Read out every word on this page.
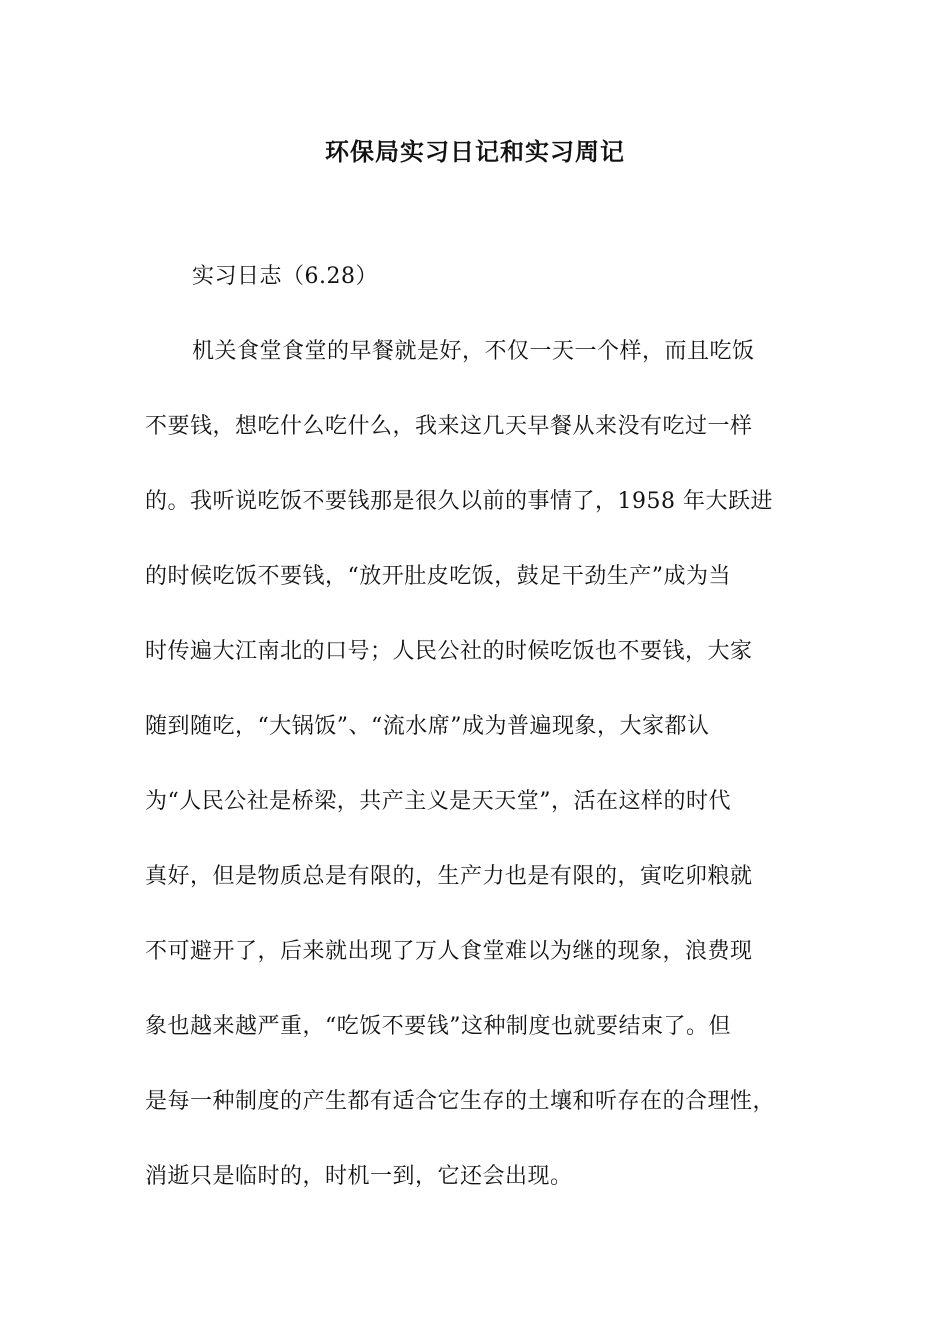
环保局实习日记和实习周记
实习日志（6.28）
机关食堂食堂的早餐就是好，不仅一天一个样，而且吃饭
不要钱，想吃什么吃什么，我来这几天早餐从来没有吃过一样
的。我听说吃饭不要钱那是很久以前的事情了，1958 年大跃进
的时候吃饭不要钱，“放开肚皮吃饭，鼓足干劲生产”成为当
时传遍大江南北的口号；人民公社的时候吃饭也不要钱，大家
随到随吃，“大锅饭”、“流水席”成为普遍现象，大家都认
为“人民公社是桥梁，共产主义是天天堂”，活在这样的时代
真好，但是物质总是有限的，生产力也是有限的，寅吃卯粮就
不可避开了，后来就出现了万人食堂难以为继的现象，浪费现
象也越来越严重，“吃饭不要钱”这种制度也就要结束了。但
是每一种制度的产生都有适合它生存的土壤和听存在的合理性，
消逝只是临时的，时机一到，它还会出现。
